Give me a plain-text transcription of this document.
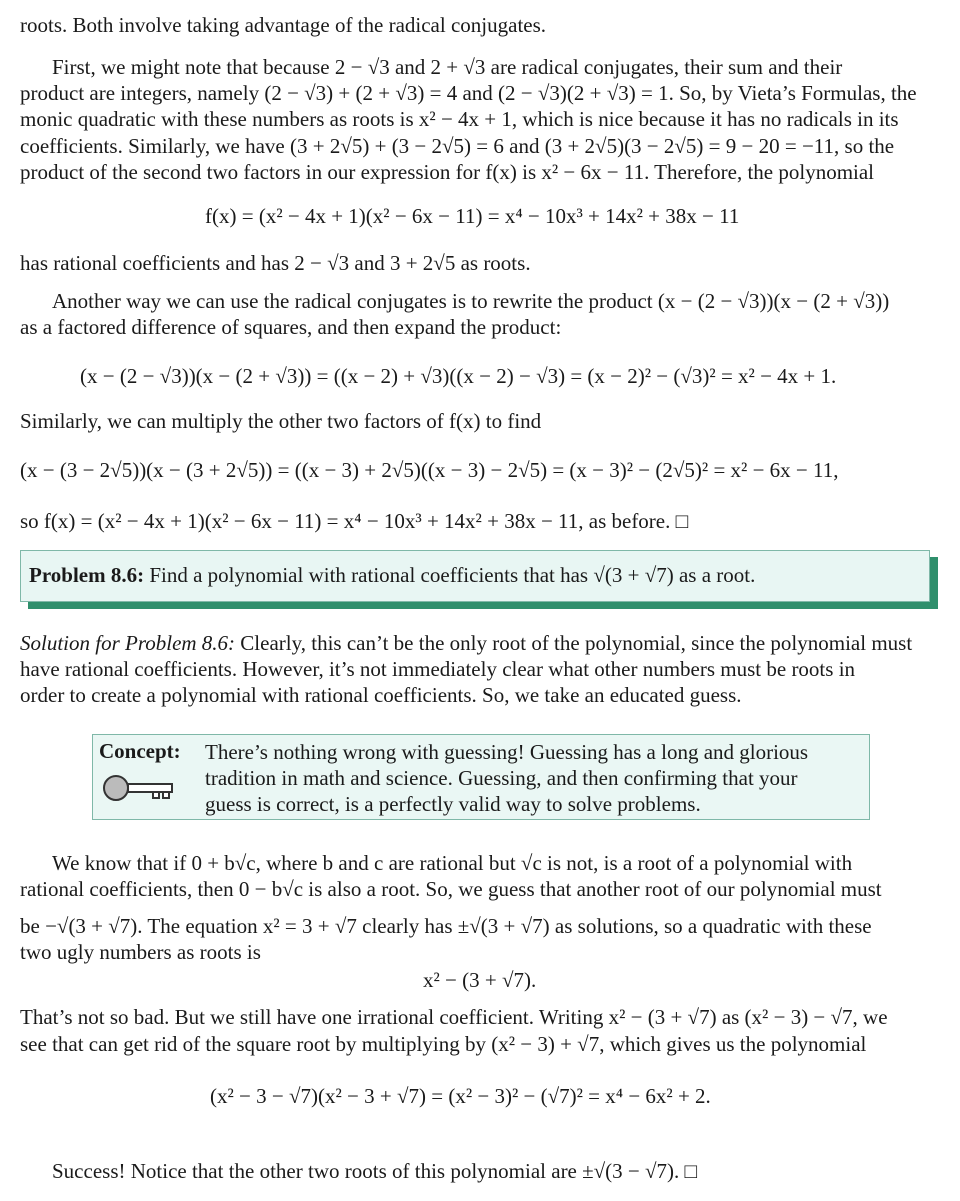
roots. Both involve taking advantage of the radical conjugates.
First, we might note that because 2 − √3 and 2 + √3 are radical conjugates, their sum and their
product are integers, namely (2 − √3) + (2 + √3) = 4 and (2 − √3)(2 + √3) = 1. So, by Vieta’s Formulas, the
monic quadratic with these numbers as roots is x² − 4x + 1, which is nice because it has no radicals in its
coefficients. Similarly, we have (3 + 2√5) + (3 − 2√5) = 6 and (3 + 2√5)(3 − 2√5) = 9 − 20 = −11, so the
product of the second two factors in our expression for f(x) is x² − 6x − 11. Therefore, the polynomial
f(x) = (x² − 4x + 1)(x² − 6x − 11) = x⁴ − 10x³ + 14x² + 38x − 11
has rational coefficients and has 2 − √3 and 3 + 2√5 as roots.
Another way we can use the radical conjugates is to rewrite the product (x − (2 − √3))(x − (2 + √3))
as a factored difference of squares, and then expand the product:
(x − (2 − √3))(x − (2 + √3)) = ((x − 2) + √3)((x − 2) − √3) = (x − 2)² − (√3)² = x² − 4x + 1.
Similarly, we can multiply the other two factors of f(x) to find
(x − (3 − 2√5))(x − (3 + 2√5)) = ((x − 3) + 2√5)((x − 3) − 2√5) = (x − 3)² − (2√5)² = x² − 6x − 11,
so f(x) = (x² − 4x + 1)(x² − 6x − 11) = x⁴ − 10x³ + 14x² + 38x − 11, as before. □
Problem 8.6: Find a polynomial with rational coefficients that has √(3 + √7) as a root.
Solution for Problem 8.6: Clearly, this can’t be the only root of the polynomial, since the polynomial must
have rational coefficients. However, it’s not immediately clear what other numbers must be roots in
order to create a polynomial with rational coefficients. So, we take an educated guess.
Concept: There’s nothing wrong with guessing! Guessing has a long and glorious
tradition in math and science. Guessing, and then confirming that your
guess is correct, is a perfectly valid way to solve problems.
We know that if 0 + b√c, where b and c are rational but √c is not, is a root of a polynomial with
rational coefficients, then 0 − b√c is also a root. So, we guess that another root of our polynomial must
be −√(3 + √7). The equation x² = 3 + √7 clearly has ±√(3 + √7) as solutions, so a quadratic with these
two ugly numbers as roots is
x² − (3 + √7).
That’s not so bad. But we still have one irrational coefficient. Writing x² − (3 + √7) as (x² − 3) − √7, we
see that can get rid of the square root by multiplying by (x² − 3) + √7, which gives us the polynomial
(x² − 3 − √7)(x² − 3 + √7) = (x² − 3)² − (√7)² = x⁴ − 6x² + 2.
Success! Notice that the other two roots of this polynomial are ±√(3 − √7). □
